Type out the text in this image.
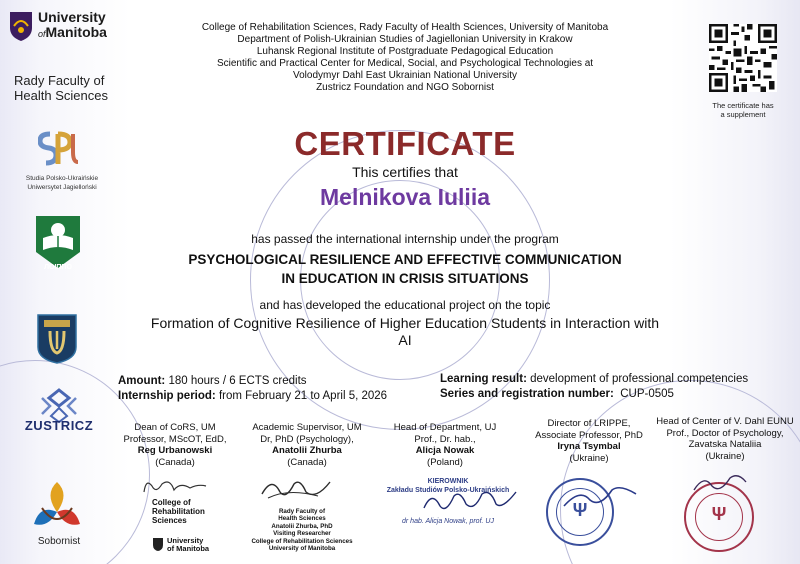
University
ofManitoba
Rady Faculty of
Health Sciences
Studia Polsko-Ukraińskie
Uniwersytet Jagielloński
ЛОІППО
ZUSTRICZ
Sobornist
College of Rehabilitation Sciences, Rady Faculty of Health Sciences, University of Manitoba
Department of Polish-Ukrainian Studies of Jagiellonian University in Krakow
Luhansk Regional Institute of Postgraduate Pedagogical Education
Scientific and Practical Center for Medical, Social, and Psychological Technologies at
Volodymyr Dahl East Ukrainian National University
Zustricz Foundation and NGO Sobornist
The certificate has
a supplement
CERTIFICATE
This certifies that
Melnikova Iuliia
has passed the international internship under the program
PSYCHOLOGICAL RESILIENCE AND EFFECTIVE COMMUNICATION
IN EDUCATION IN CRISIS SITUATIONS
and has developed the educational project on the topic
Formation of Cognitive Resilience of Higher Education Students in Interaction with
AI
Amount: 180 hours / 6 ECTS credits
Internship period: from February 21 to April 5, 2026
Learning result: development of professional competencies
Series and registration number: CUP-0505
Dean of CoRS, UM
Professor, MScOT, EdD,
Reg Urbanowski
(Canada)
Academic Supervisor, UM
Dr, PhD (Psychology),
Anatolii Zhurba
(Canada)
Head of Department, UJ
Prof., Dr. hab.,
Alicja Nowak
(Poland)
Director of LRIPPE,
Associate Professor, PhD
Iryna Tsymbal
(Ukraine)
Head of Center of V. Dahl EUNU
Prof., Doctor of Psychology,
Zavatska Nataliia
(Ukraine)
College of
Rehabilitation
Sciences
University
of Manitoba
Rady Faculty of
Health Sciences
Anatolii Zhurba, PhD
Visiting Researcher
College of Rehabilitation Sciences
University of Manitoba
KIEROWNIK
Zakładu Studiów Polsko-Ukraińskich
dr hab. Alicja Nowak, prof. UJ
Ψ	Ψ
